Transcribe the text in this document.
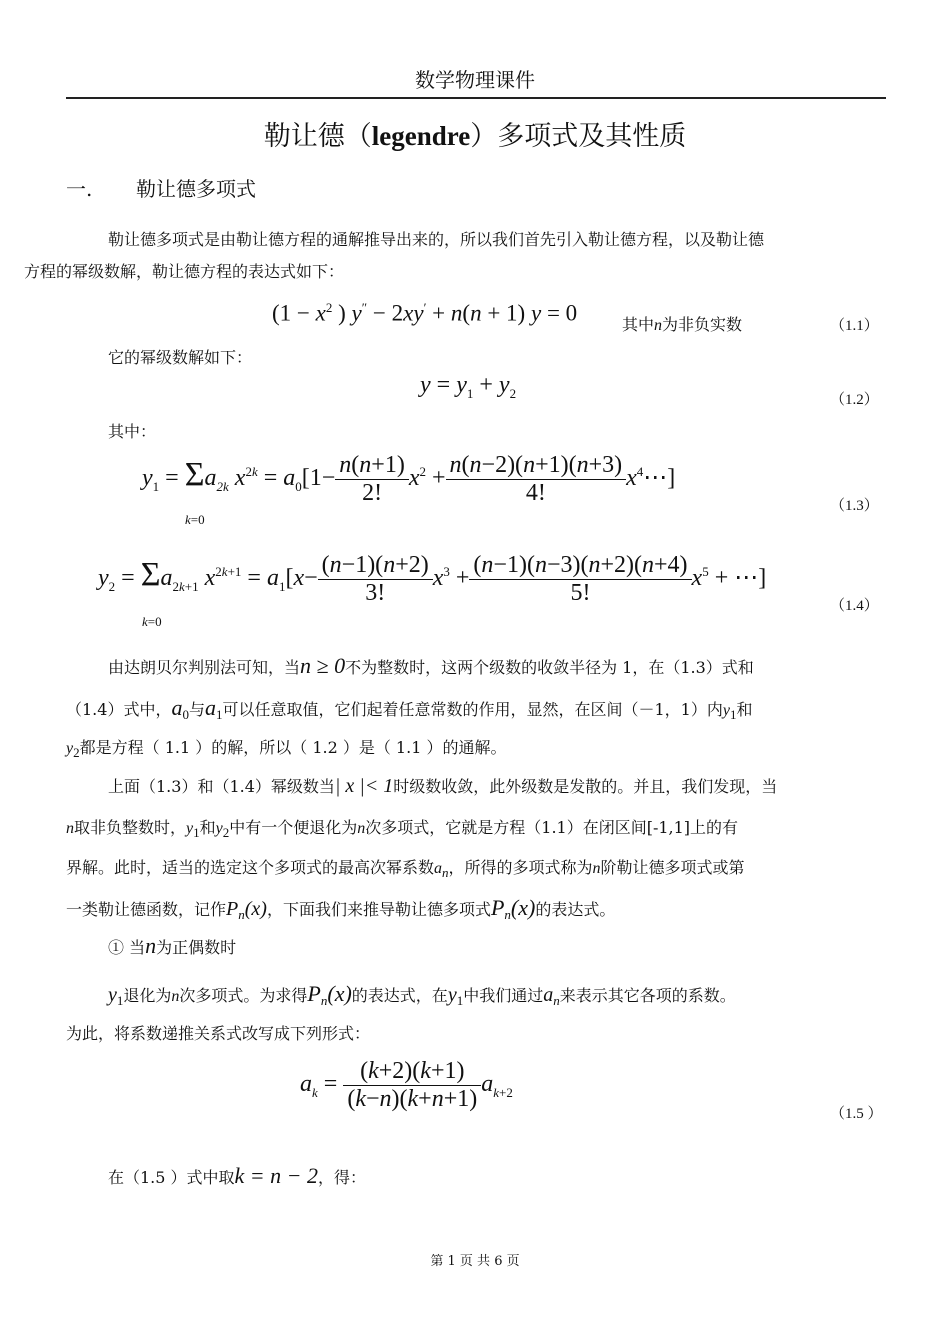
数学物理课件
勒让德（legendre）多项式及其性质
一. 勒让德多项式
勒让德多项式是由勒让德方程的通解推导出来的，所以我们首先引入勒让德方程，以及勒让德
方程的幂级数解，勒让德方程的表达式如下：
($1 - x^2$ ) y″ − 2xy′ + n(n + 1) y = 0	其中n为非负实数	（1.1）
它的幂级数解如下：
$y = y_1 + y_2$	（1.2）
其中：
$y_1 = \Sigma a_{2k}$ $x^{2k} = a_0[1- \frac{n(n+1)}{2!} x^2 + \frac{n(n-2)(n+1)(n+3)}{4!}$ $x^4\cdots$]
k=0
（1.3）
$y_2 = \Sigma a_{2k+1}$ $x^{2k+1} = a_1[x- \frac{(n-1)(n+2)}{3!} x^3 + \frac{(n-1)(n-3)(n+2)(n+4)}{5!} x^5$ + ⋯]
k=0
（1.4）
由达朗贝尔判别法可知，当n ≥ 0不为整数时，这两个级数的收敛半径为 1，在（1.3）式和
（1.4）式中，$a_0$与$a_1$可以任意取值，它们起着任意常数的作用，显然，在区间（－1，1）内$y_1$和
$y_2$都是方程（ 1.1 ）的解，所以（ 1.2 ）是（ 1.1 ）的通解。
上面（1.3）和（1.4）幂级数当| x |< 1时级数收敛，此外级数是发散的。并且，我们发现，当
n取非负整数时，$y_1$和$y_2$中有一个便退化为n次多项式，它就是方程（1.1）在闭区间[-1,1]上的有
界解。此时，适当的选定这个多项式的最高次幂系数$a_n$，所得的多项式称为n阶勒让德多项式或第
一类勒让德函数，记作$P_n(x)$，下面我们来推导勒让德多项式$P_n(x)$的表达式。
① 当n为正偶数时
$y_1$退化为n次多项式。为求得$P_n(x)$的表达式，在$y_1$中我们通过$a_n$来表示其它各项的系数。
为此，将系数递推关系式改写成下列形式：
$a_k = \frac{(k+2)(k+1)}{(k-n)(k+n+1)} a_{k+2}$
（1.5 ）
在（1.5 ）式中取k = n − 2，得：
第 1 页 共 6 页
